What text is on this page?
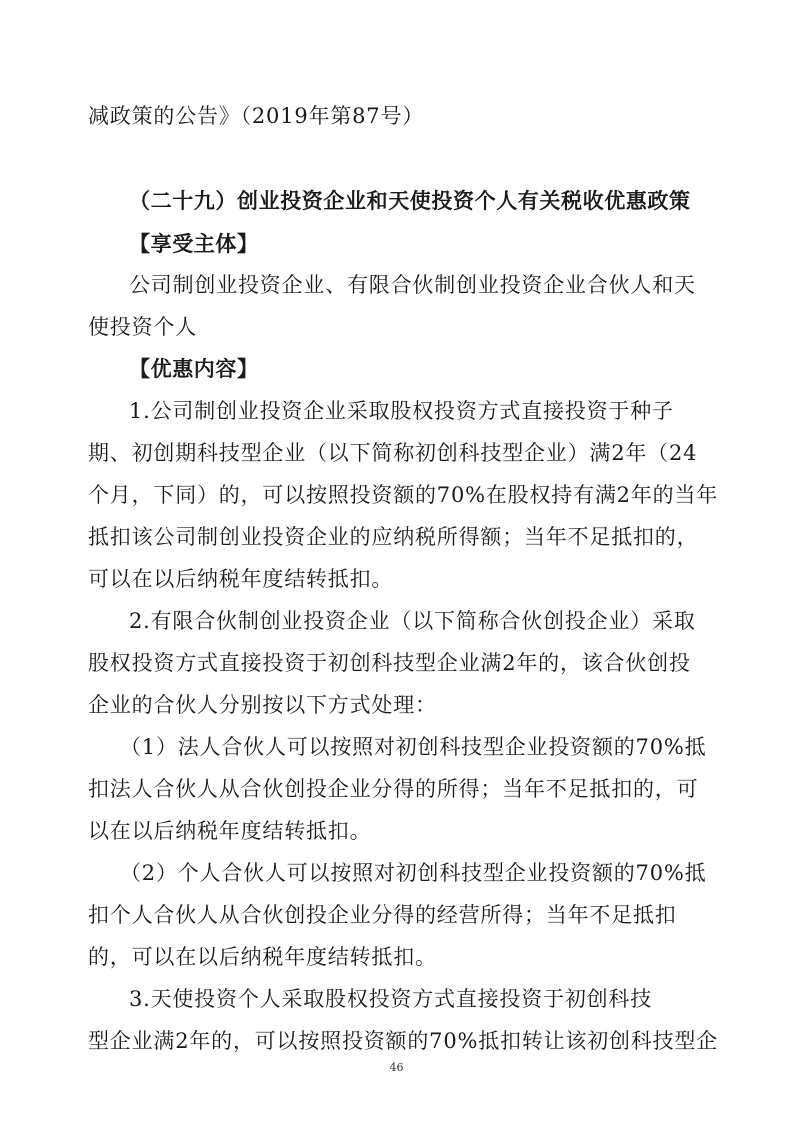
减政策的公告》（2019年第87号）
（二十九）创业投资企业和天使投资个人有关税收优惠政策
【享受主体】
公司制创业投资企业、有限合伙制创业投资企业合伙人和天
使投资个人
【优惠内容】
1.公司制创业投资企业采取股权投资方式直接投资于种子
期、初创期科技型企业（以下简称初创科技型企业）满2年（24
个月，下同）的，可以按照投资额的70%在股权持有满2年的当年
抵扣该公司制创业投资企业的应纳税所得额；当年不足抵扣的，
可以在以后纳税年度结转抵扣。
2.有限合伙制创业投资企业（以下简称合伙创投企业）采取
股权投资方式直接投资于初创科技型企业满2年的，该合伙创投
企业的合伙人分别按以下方式处理：
（1）法人合伙人可以按照对初创科技型企业投资额的70%抵
扣法人合伙人从合伙创投企业分得的所得；当年不足抵扣的，可
以在以后纳税年度结转抵扣。
（2）个人合伙人可以按照对初创科技型企业投资额的70%抵
扣个人合伙人从合伙创投企业分得的经营所得；当年不足抵扣
的，可以在以后纳税年度结转抵扣。
3.天使投资个人采取股权投资方式直接投资于初创科技
型企业满2年的，可以按照投资额的70%抵扣转让该初创科技型企
46
